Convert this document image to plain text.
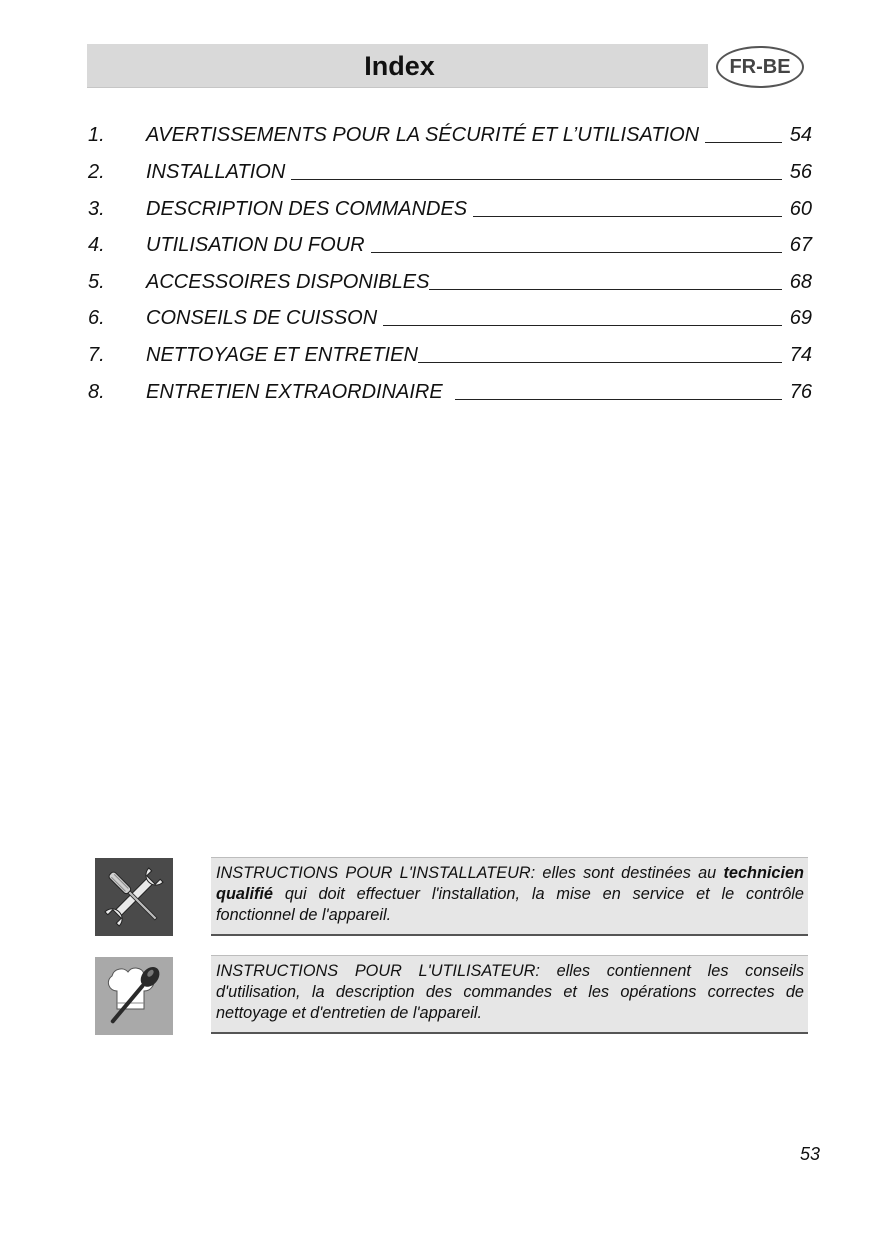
Index	FR-BE
1. AVERTISSEMENTS POUR LA SÉCURITÉ ET L’UTILISATION	54
2. INSTALLATION	56
3. DESCRIPTION DES COMMANDES	60
4. UTILISATION DU FOUR	67
5. ACCESSOIRES DISPONIBLES	68
6. CONSEILS DE CUISSON	69
7. NETTOYAGE ET ENTRETIEN	74
8. ENTRETIEN EXTRAORDINAIRE	76
INSTRUCTIONS POUR L'INSTALLATEUR: elles sont destinées au technicien qualifié qui doit effectuer l'installation, la mise en service et le contrôle fonctionnel de l'appareil.
INSTRUCTIONS POUR L'UTILISATEUR: elles contiennent les conseils d'utilisation, la description des commandes et les opérations correctes de nettoyage et d'entretien de l'appareil.
53
